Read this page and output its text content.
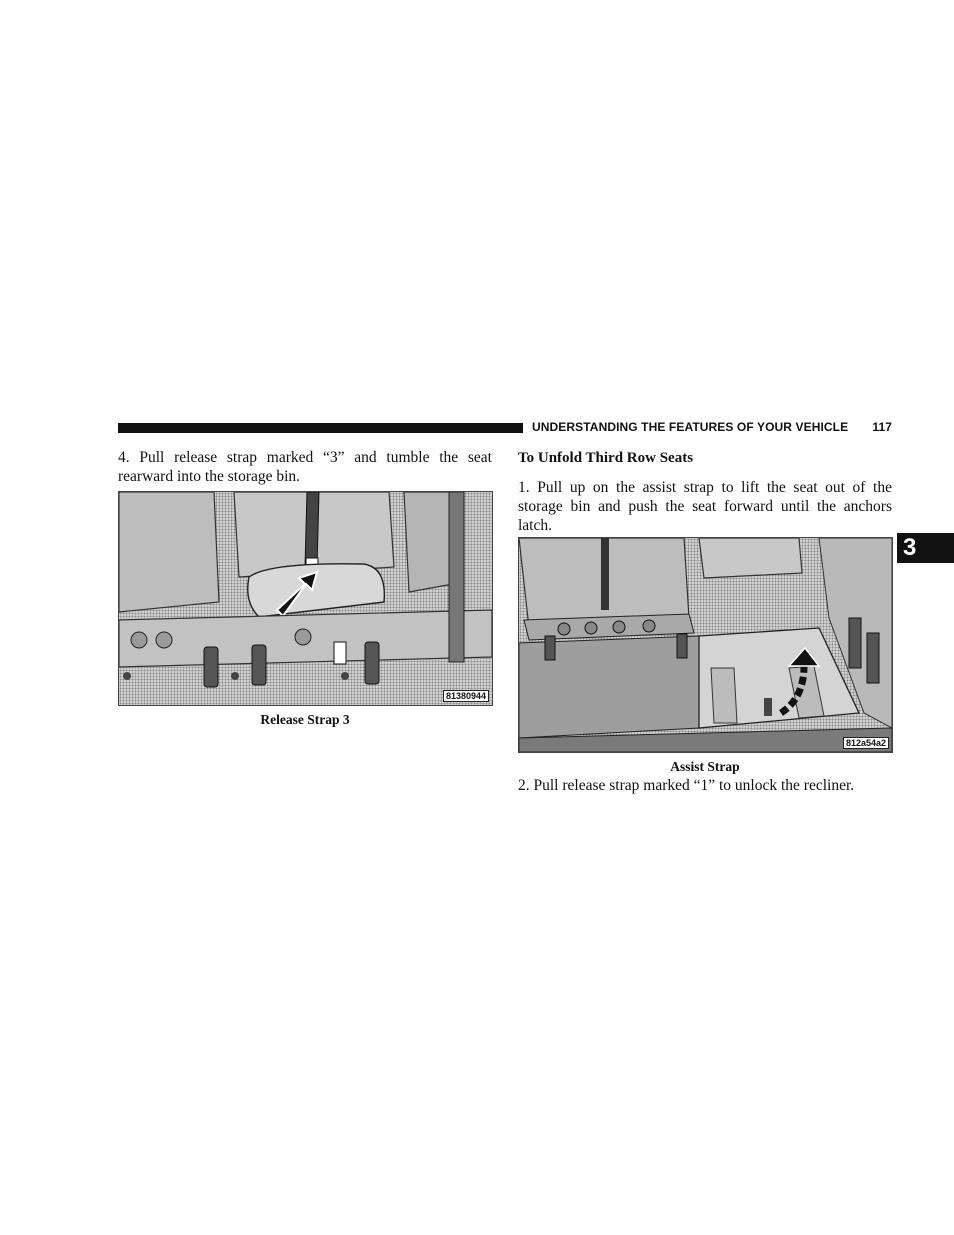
UNDERSTANDING THE FEATURES OF YOUR VEHICLE 117
3

4. Pull release strap marked “3” and tumble the seat rearward into the storage bin.

81380944
Release Strap 3

To Unfold Third Row Seats

1. Pull up on the assist strap to lift the seat out of the storage bin and push the seat forward until the anchors latch.

812a54a2
Assist Strap

2. Pull release strap marked “1” to unlock the recliner.
